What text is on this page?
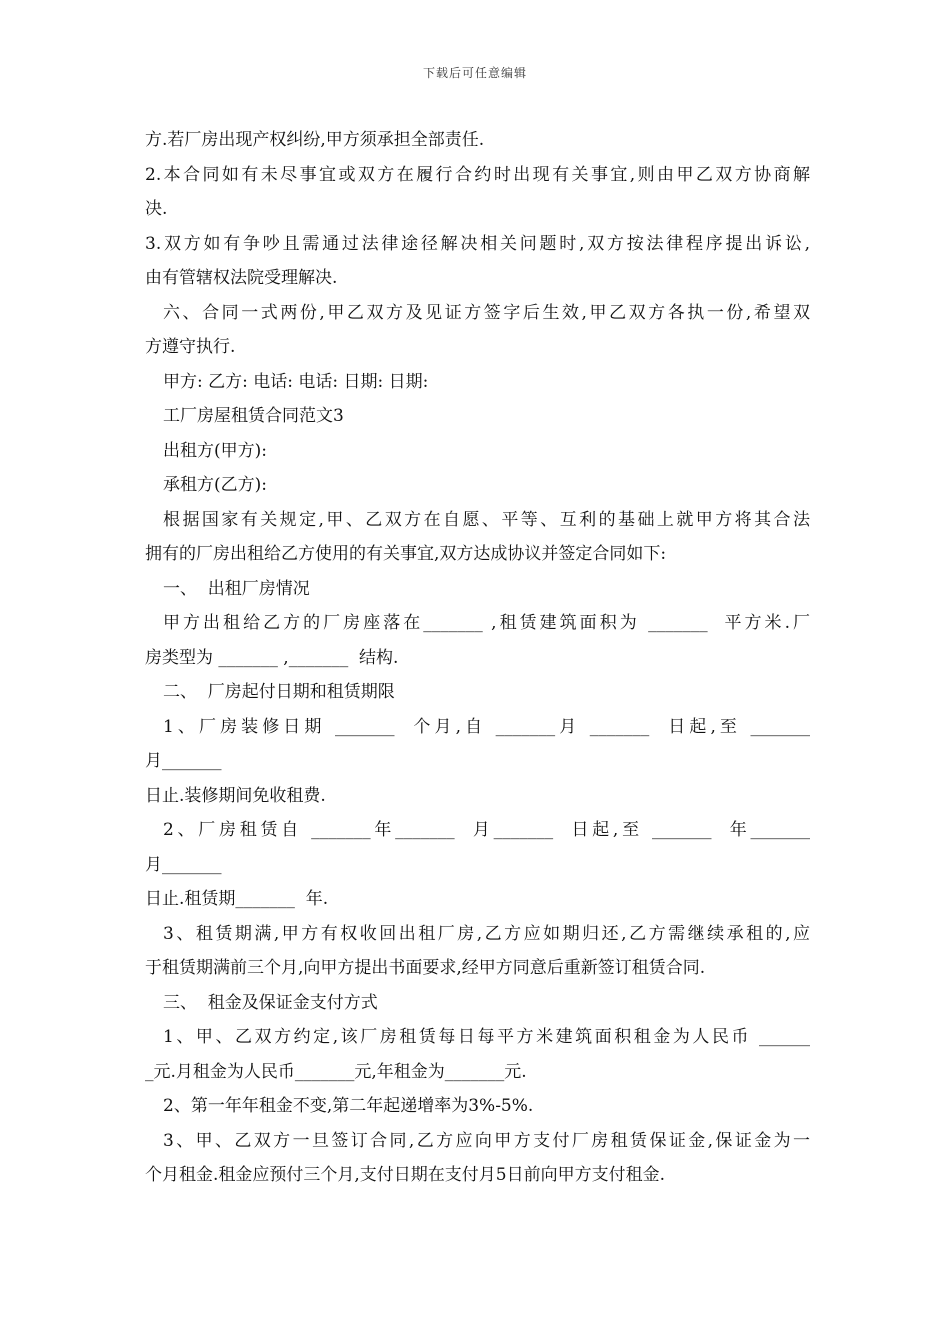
下载后可任意编辑
方.若厂房出现产权纠纷,甲方须承担全部责任.
2.本合同如有未尽事宜或双方在履行合约时出现有关事宜,则由甲乙双方协商解
决.
3.双方如有争吵且需通过法律途径解决相关问题时,双方按法律程序提出诉讼,
由有管辖权法院受理解决.
六、合同一式两份,甲乙双方及见证方签字后生效,甲乙双方各执一份,希望双
方遵守执行.
甲方: 乙方: 电话: 电话: 日期: 日期:
工厂房屋租赁合同范文3
出租方(甲方):
承租方(乙方):
根据国家有关规定,甲、乙双方在自愿、平等、互利的基础上就甲方将其合法
拥有的厂房出租给乙方使用的有关事宜,双方达成协议并签定合同如下:
一、  出租厂房情况
甲方出租给乙方的厂房座落在_______ ,租赁建筑面积为 _______  平方米.厂
房类型为 _______ ,_______  结构.
二、  厂房起付日期和租赁期限
1、厂房装修日期 _______  个月,自 _______月 _______  日起,至 _______
月_______
日止.装修期间免收租费.
2、厂房租赁自 _______年_______  月_______  日起,至 _______  年_______
月_______
日止.租赁期_______  年.
3、租赁期满,甲方有权收回出租厂房,乙方应如期归还,乙方需继续承租的,应
于租赁期满前三个月,向甲方提出书面要求,经甲方同意后重新签订租赁合同.
三、  租金及保证金支付方式
1、甲、乙双方约定,该厂房租赁每日每平方米建筑面积租金为人民币 ______
_元.月租金为人民币_______元,年租金为_______元.
2、第一年年租金不变,第二年起递增率为3%-5%.
3、甲、乙双方一旦签订合同,乙方应向甲方支付厂房租赁保证金,保证金为一
个月租金.租金应预付三个月,支付日期在支付月5日前向甲方支付租金.
